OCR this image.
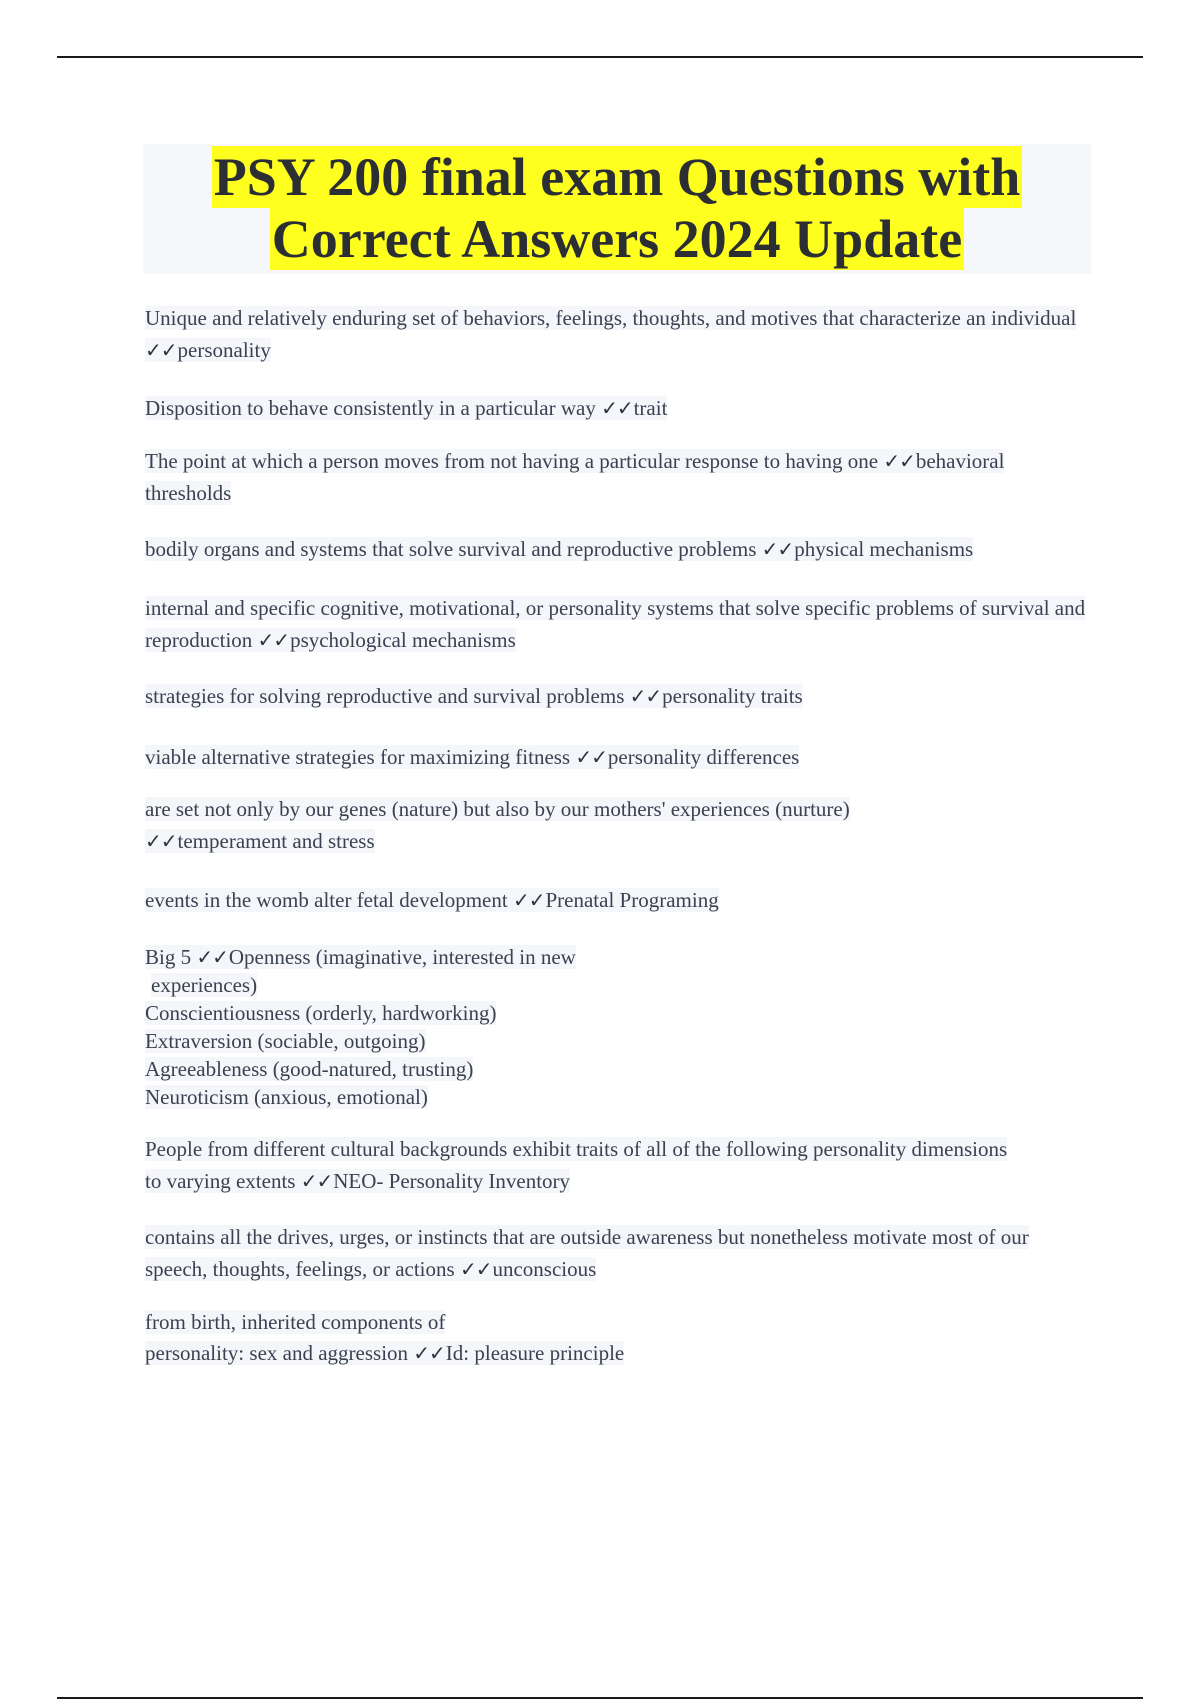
PSY 200 final exam Questions with
Correct Answers 2024 Update

Unique and relatively enduring set of behaviors, feelings, thoughts, and motives that characterize an individual ✓✓personality

Disposition to behave consistently in a particular way ✓✓trait

The point at which a person moves from not having a particular response to having one ✓✓behavioral thresholds

bodily organs and systems that solve survival and reproductive problems ✓✓physical mechanisms

internal and specific cognitive, motivational, or personality systems that solve specific problems of survival and reproduction ✓✓psychological mechanisms

strategies for solving reproductive and survival problems ✓✓personality traits

viable alternative strategies for maximizing fitness ✓✓personality differences

are set not only by our genes (nature) but also by our mothers' experiences (nurture) ✓✓temperament and stress

events in the womb alter fetal development ✓✓Prenatal Programing

Big 5 ✓✓Openness (imaginative, interested in new
experiences)
Conscientiousness (orderly, hardworking)
Extraversion (sociable, outgoing)
Agreeableness (good-natured, trusting)
Neuroticism (anxious, emotional)

People from different cultural backgrounds exhibit traits of all of the following personality dimensions to varying extents ✓✓NEO- Personality Inventory

contains all the drives, urges, or instincts that are outside awareness but nonetheless motivate most of our speech, thoughts, feelings, or actions ✓✓unconscious

from birth, inherited components of
personality: sex and aggression ✓✓Id: pleasure principle
